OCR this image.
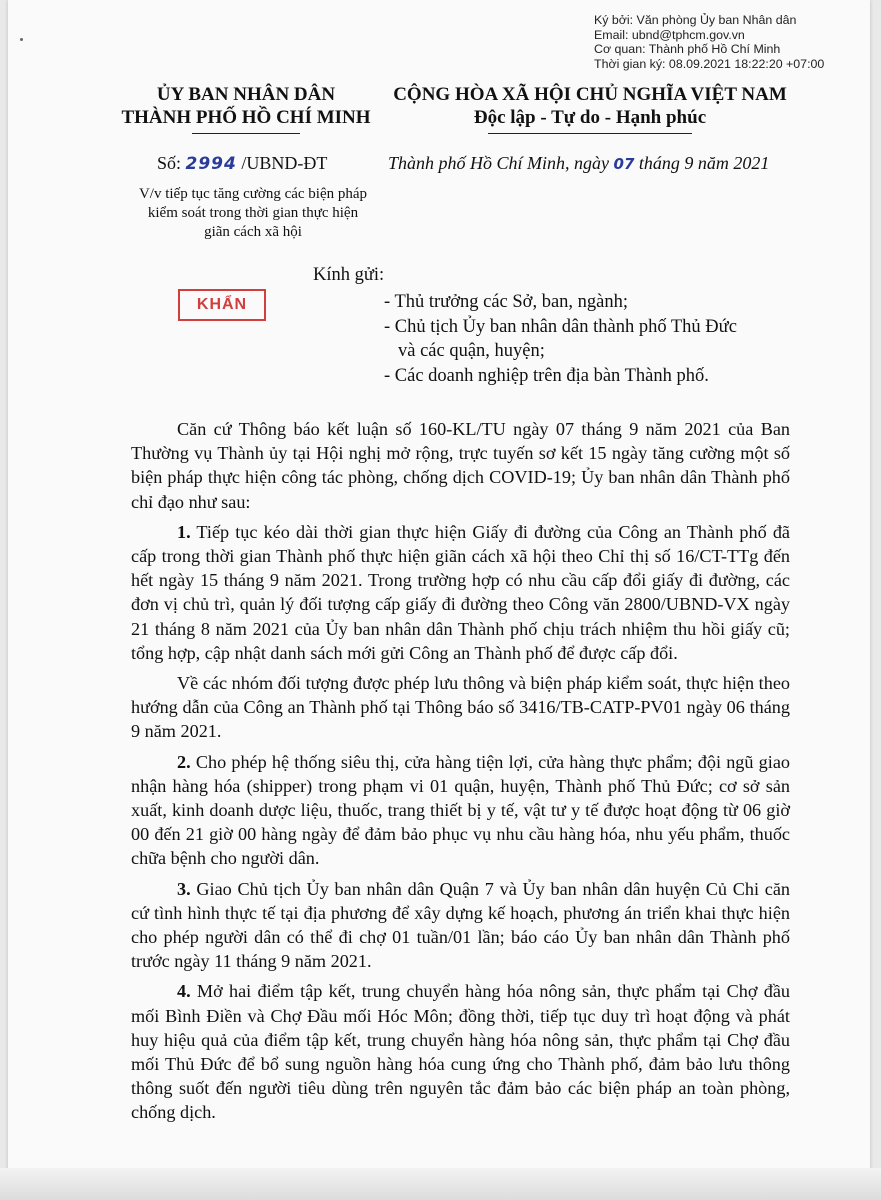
Ký bởi: Văn phòng Ủy ban Nhân dân
Email: ubnd@tphcm.gov.vn
Cơ quan: Thành phố Hồ Chí Minh
Thời gian ký: 08.09.2021 18:22:20 +07:00
ỦY BAN NHÂN DÂN
THÀNH PHỐ HỒ CHÍ MINH
CỘNG HÒA XÃ HỘI CHỦ NGHĨA VIỆT NAM
Độc lập - Tự do - Hạnh phúc
Số: 2994 /UBND-ĐT	Thành phố Hồ Chí Minh, ngày 07 tháng 9 năm 2021
V/v tiếp tục tăng cường các biện pháp
kiểm soát trong thời gian thực hiện
giãn cách xã hội
KHẨN
Kính gửi:
- Thủ trưởng các Sở, ban, ngành;
- Chủ tịch Ủy ban nhân dân thành phố Thủ Đức
và các quận, huyện;
- Các doanh nghiệp trên địa bàn Thành phố.

Căn cứ Thông báo kết luận số 160-KL/TU ngày 07 tháng 9 năm 2021 của Ban Thường vụ Thành ủy tại Hội nghị mở rộng, trực tuyến sơ kết 15 ngày tăng cường một số biện pháp thực hiện công tác phòng, chống dịch COVID-19; Ủy ban nhân dân Thành phố chỉ đạo như sau:

1. Tiếp tục kéo dài thời gian thực hiện Giấy đi đường của Công an Thành phố đã cấp trong thời gian Thành phố thực hiện giãn cách xã hội theo Chỉ thị số 16/CT-TTg đến hết ngày 15 tháng 9 năm 2021. Trong trường hợp có nhu cầu cấp đổi giấy đi đường, các đơn vị chủ trì, quản lý đối tượng cấp giấy đi đường theo Công văn 2800/UBND-VX ngày 21 tháng 8 năm 2021 của Ủy ban nhân dân Thành phố chịu trách nhiệm thu hồi giấy cũ; tổng hợp, cập nhật danh sách mới gửi Công an Thành phố để được cấp đổi.

Về các nhóm đối tượng được phép lưu thông và biện pháp kiểm soát, thực hiện theo hướng dẫn của Công an Thành phố tại Thông báo số 3416/TB-CATP-PV01 ngày 06 tháng 9 năm 2021.

2. Cho phép hệ thống siêu thị, cửa hàng tiện lợi, cửa hàng thực phẩm; đội ngũ giao nhận hàng hóa (shipper) trong phạm vi 01 quận, huyện, Thành phố Thủ Đức; cơ sở sản xuất, kinh doanh dược liệu, thuốc, trang thiết bị y tế, vật tư y tế được hoạt động từ 06 giờ 00 đến 21 giờ 00 hàng ngày để đảm bảo phục vụ nhu cầu hàng hóa, nhu yếu phẩm, thuốc chữa bệnh cho người dân.

3. Giao Chủ tịch Ủy ban nhân dân Quận 7 và Ủy ban nhân dân huyện Củ Chi căn cứ tình hình thực tế tại địa phương để xây dựng kế hoạch, phương án triển khai thực hiện cho phép người dân có thể đi chợ 01 tuần/01 lần; báo cáo Ủy ban nhân dân Thành phố trước ngày 11 tháng 9 năm 2021.

4. Mở hai điểm tập kết, trung chuyển hàng hóa nông sản, thực phẩm tại Chợ đầu mối Bình Điền và Chợ Đầu mối Hóc Môn; đồng thời, tiếp tục duy trì hoạt động và phát huy hiệu quả của điểm tập kết, trung chuyển hàng hóa nông sản, thực phẩm tại Chợ đầu mối Thủ Đức để bổ sung nguồn hàng hóa cung ứng cho Thành phố, đảm bảo lưu thông thông suốt đến người tiêu dùng trên nguyên tắc đảm bảo các biện pháp an toàn phòng, chống dịch.
